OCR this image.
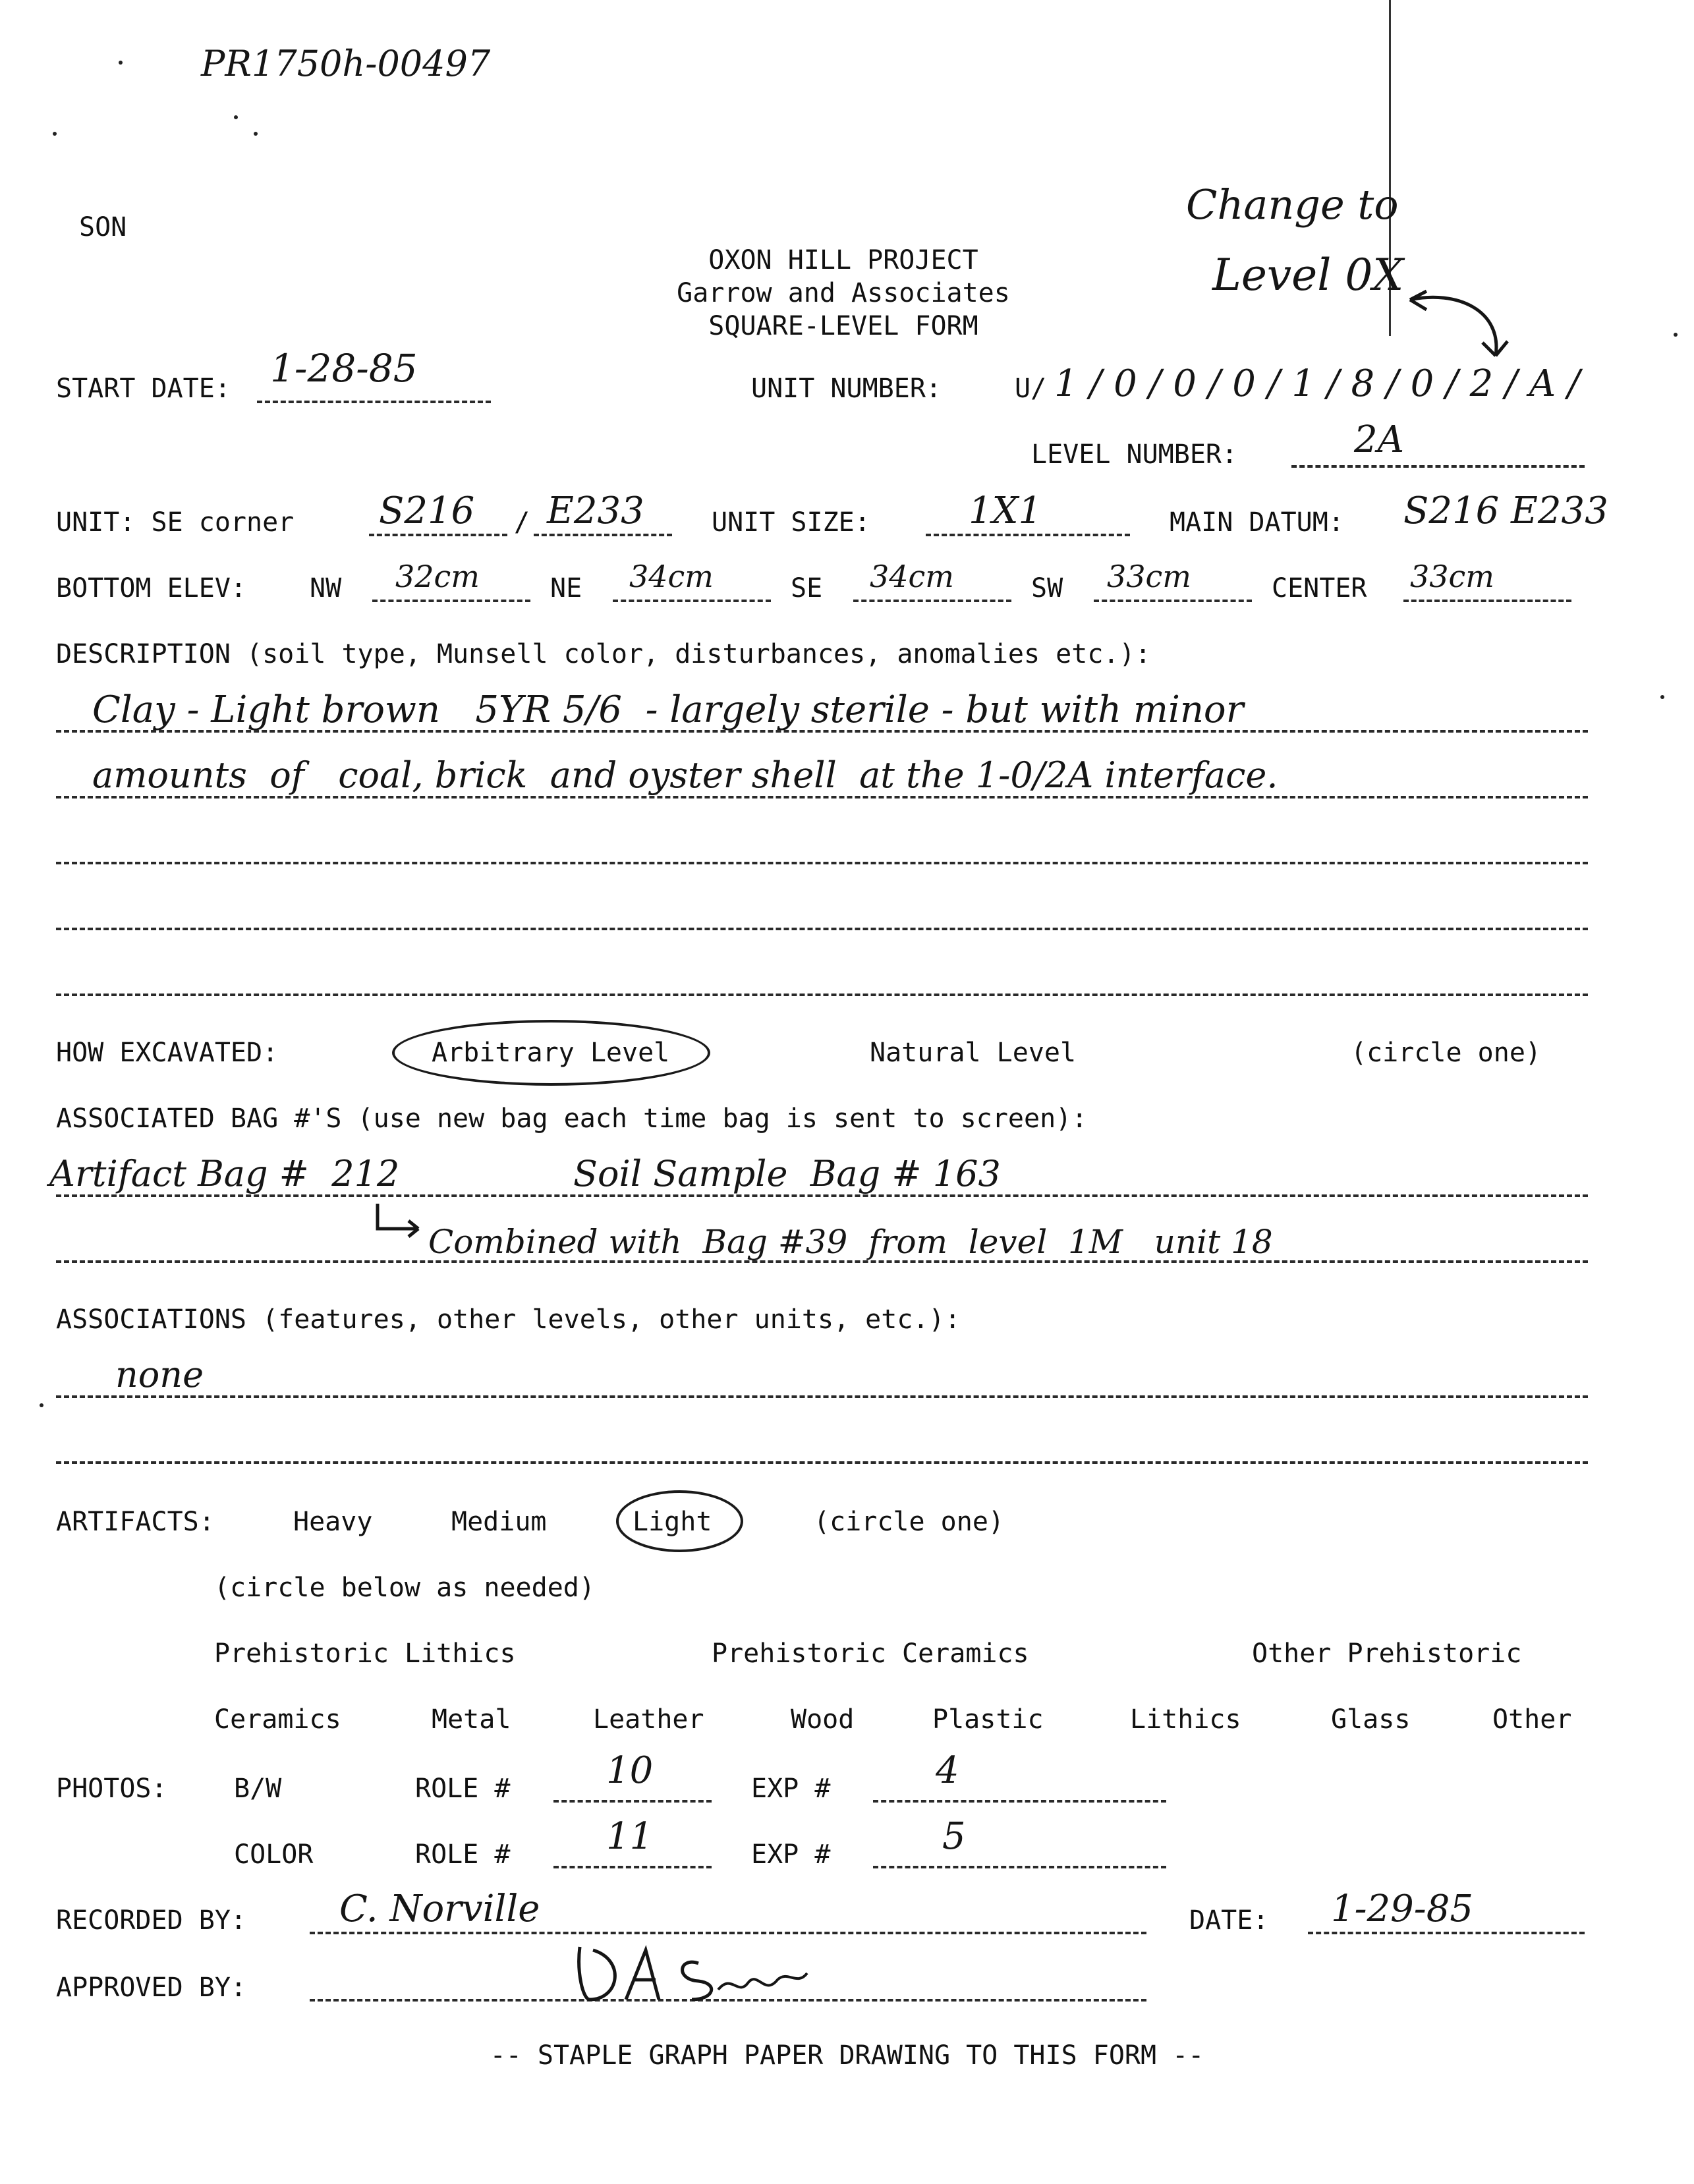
PR1750h-00497
SON
OXON HILL PROJECT
Garrow and Associates
SQUARE-LEVEL FORM
Change to
Level 0X
START DATE: 1-28-85	UNIT NUMBER:	U/ 1 / 0 / 0 / 0 / 1 / 8 / 0 / 2 / A /
LEVEL NUMBER:	2A
UNIT: SE corner S216 / E233	UNIT SIZE:	1X1	MAIN DATUM: S216 E233
BOTTOM ELEV: NW 32cm	NE 34cm	SE 34cm	SW 33cm	CENTER 33cm
DESCRIPTION (soil type, Munsell color, disturbances, anomalies etc.):
Clay - Light brown   5YR 5/6  - largely sterile - but with minor
amounts  of   coal, brick  and oyster shell  at the 1-0/2A interface.
HOW EXCAVATED:	Arbitrary Level	Natural Level	(circle one)
ASSOCIATED BAG #'S (use new bag each time bag is sent to screen):
Artifact Bag #  212	Soil Sample  Bag # 163
Combined with  Bag #39  from  level  1M   unit 18
ASSOCIATIONS (features, other levels, other units, etc.):
none
ARTIFACTS:	Heavy	Medium	Light	(circle one)
(circle below as needed)
Prehistoric Lithics	Prehistoric Ceramics	Other Prehistoric
Ceramics	Metal	Leather	Wood	Plastic	Lithics	Glass	Other
PHOTOS:	B/W	ROLE #	10	EXP #	4
COLOR	ROLE #	11	EXP #	5
RECORDED BY:	C. Norville	DATE: 1-29-85
APPROVED BY:
-- STAPLE GRAPH PAPER DRAWING TO THIS FORM --
